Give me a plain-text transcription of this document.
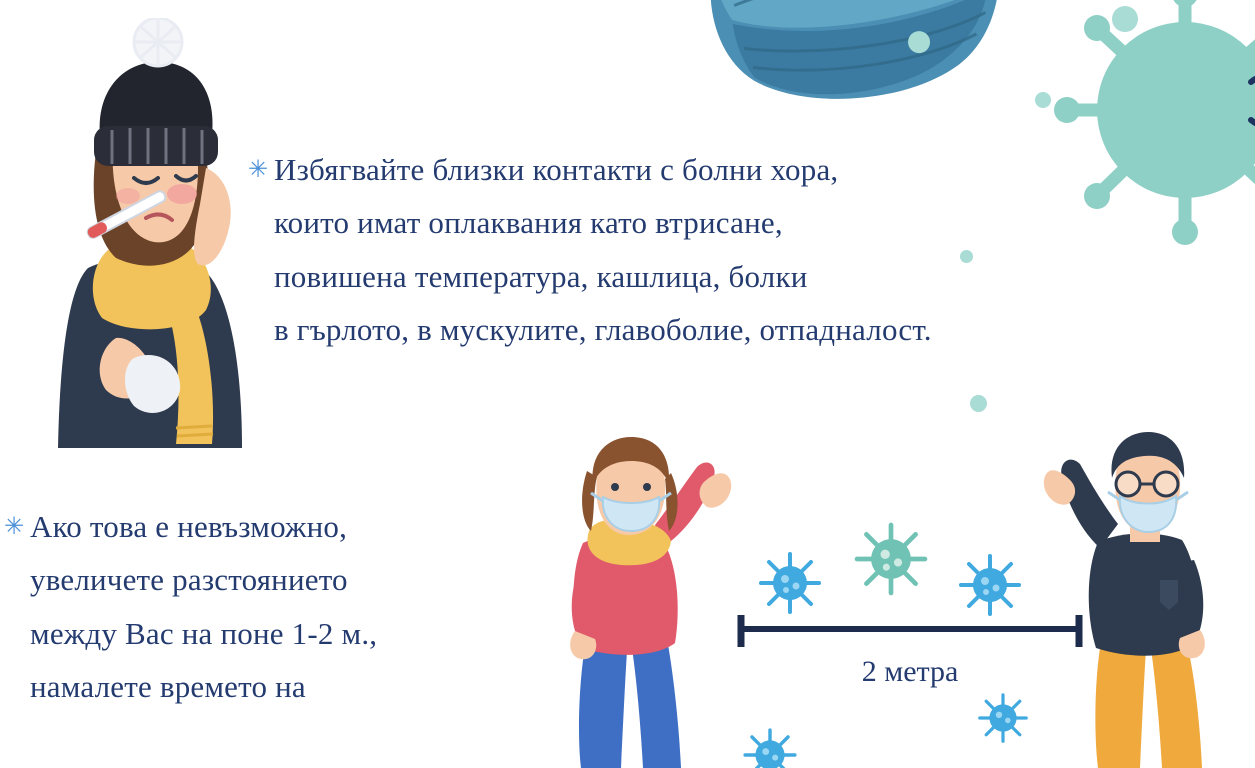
✳ Избягвайте близки контакти с болни хора,
които имат оплаквания като втрисане,
повишена температура, кашлица, болки
в гърлото, в мускулите, главоболие, отпадналост.
✳ Ако това е невъзможно,
увеличете разстоянието
между Вас на поне 1-2 м.,
намалете времето на	2 метра
